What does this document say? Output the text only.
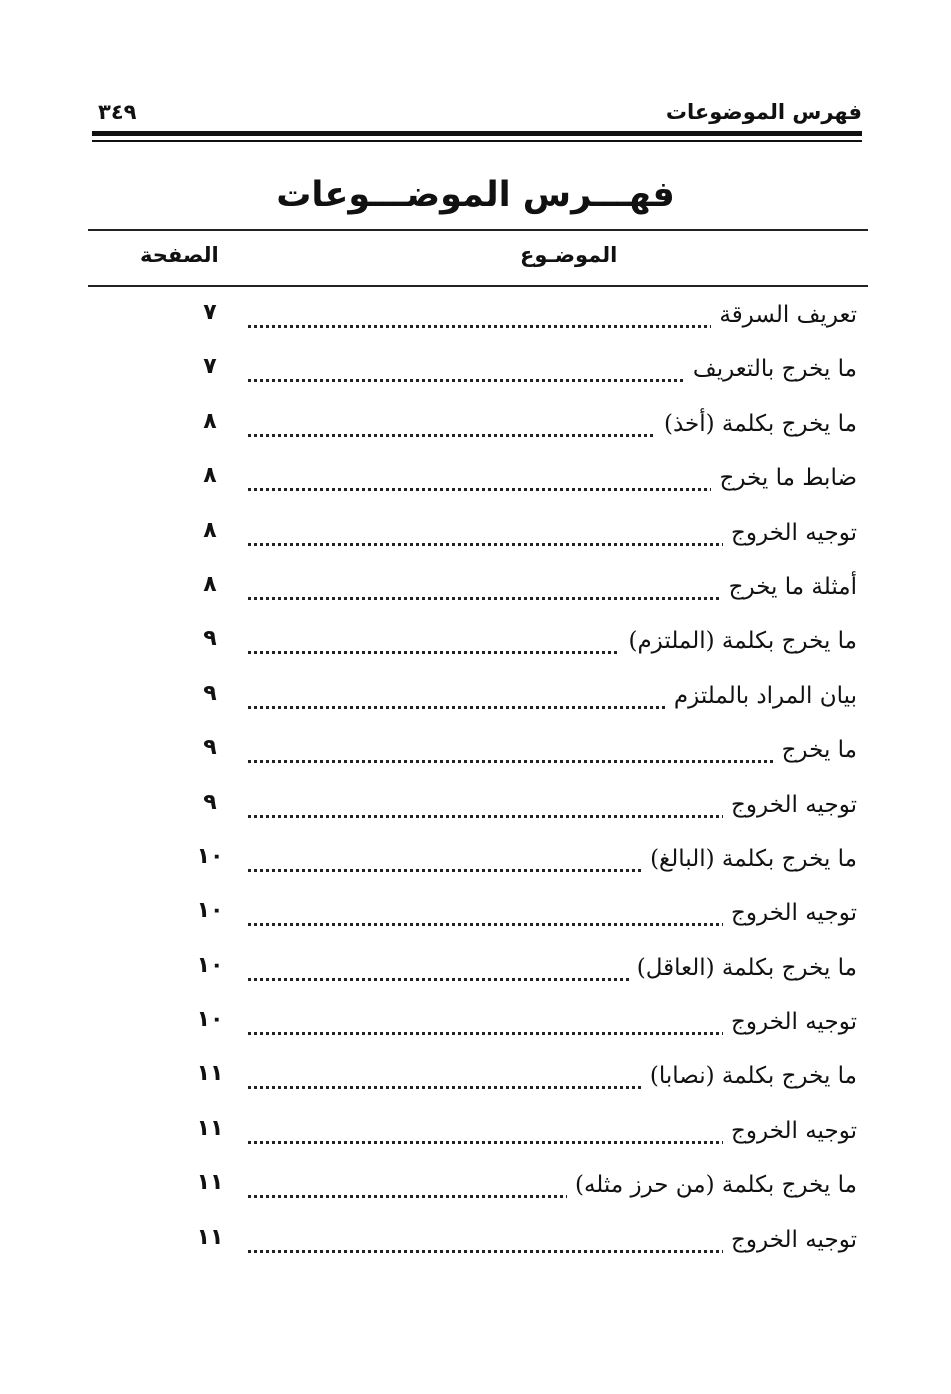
فهرس الموضوعات
٣٤٩
فهـــرس الموضـــوعات
الموضـوع
الصفحة
تعريف السرقة
٧
ما يخرج بالتعريف
٧
ما يخرج بكلمة (أخذ)
٨
ضابط ما يخرج
٨
توجيه الخروج
٨
أمثلة ما يخرج
٨
ما يخرج بكلمة (الملتزم)
٩
بيان المراد بالملتزم
٩
ما يخرج
٩
توجيه الخروج
٩
ما يخرج بكلمة (البالغ)
١٠
توجيه الخروج
١٠
ما يخرج بكلمة (العاقل)
١٠
توجيه الخروج
١٠
ما يخرج بكلمة (نصابا)
١١
توجيه الخروج
١١
ما يخرج بكلمة (من حرز مثله)
١١
توجيه الخروج
١١
